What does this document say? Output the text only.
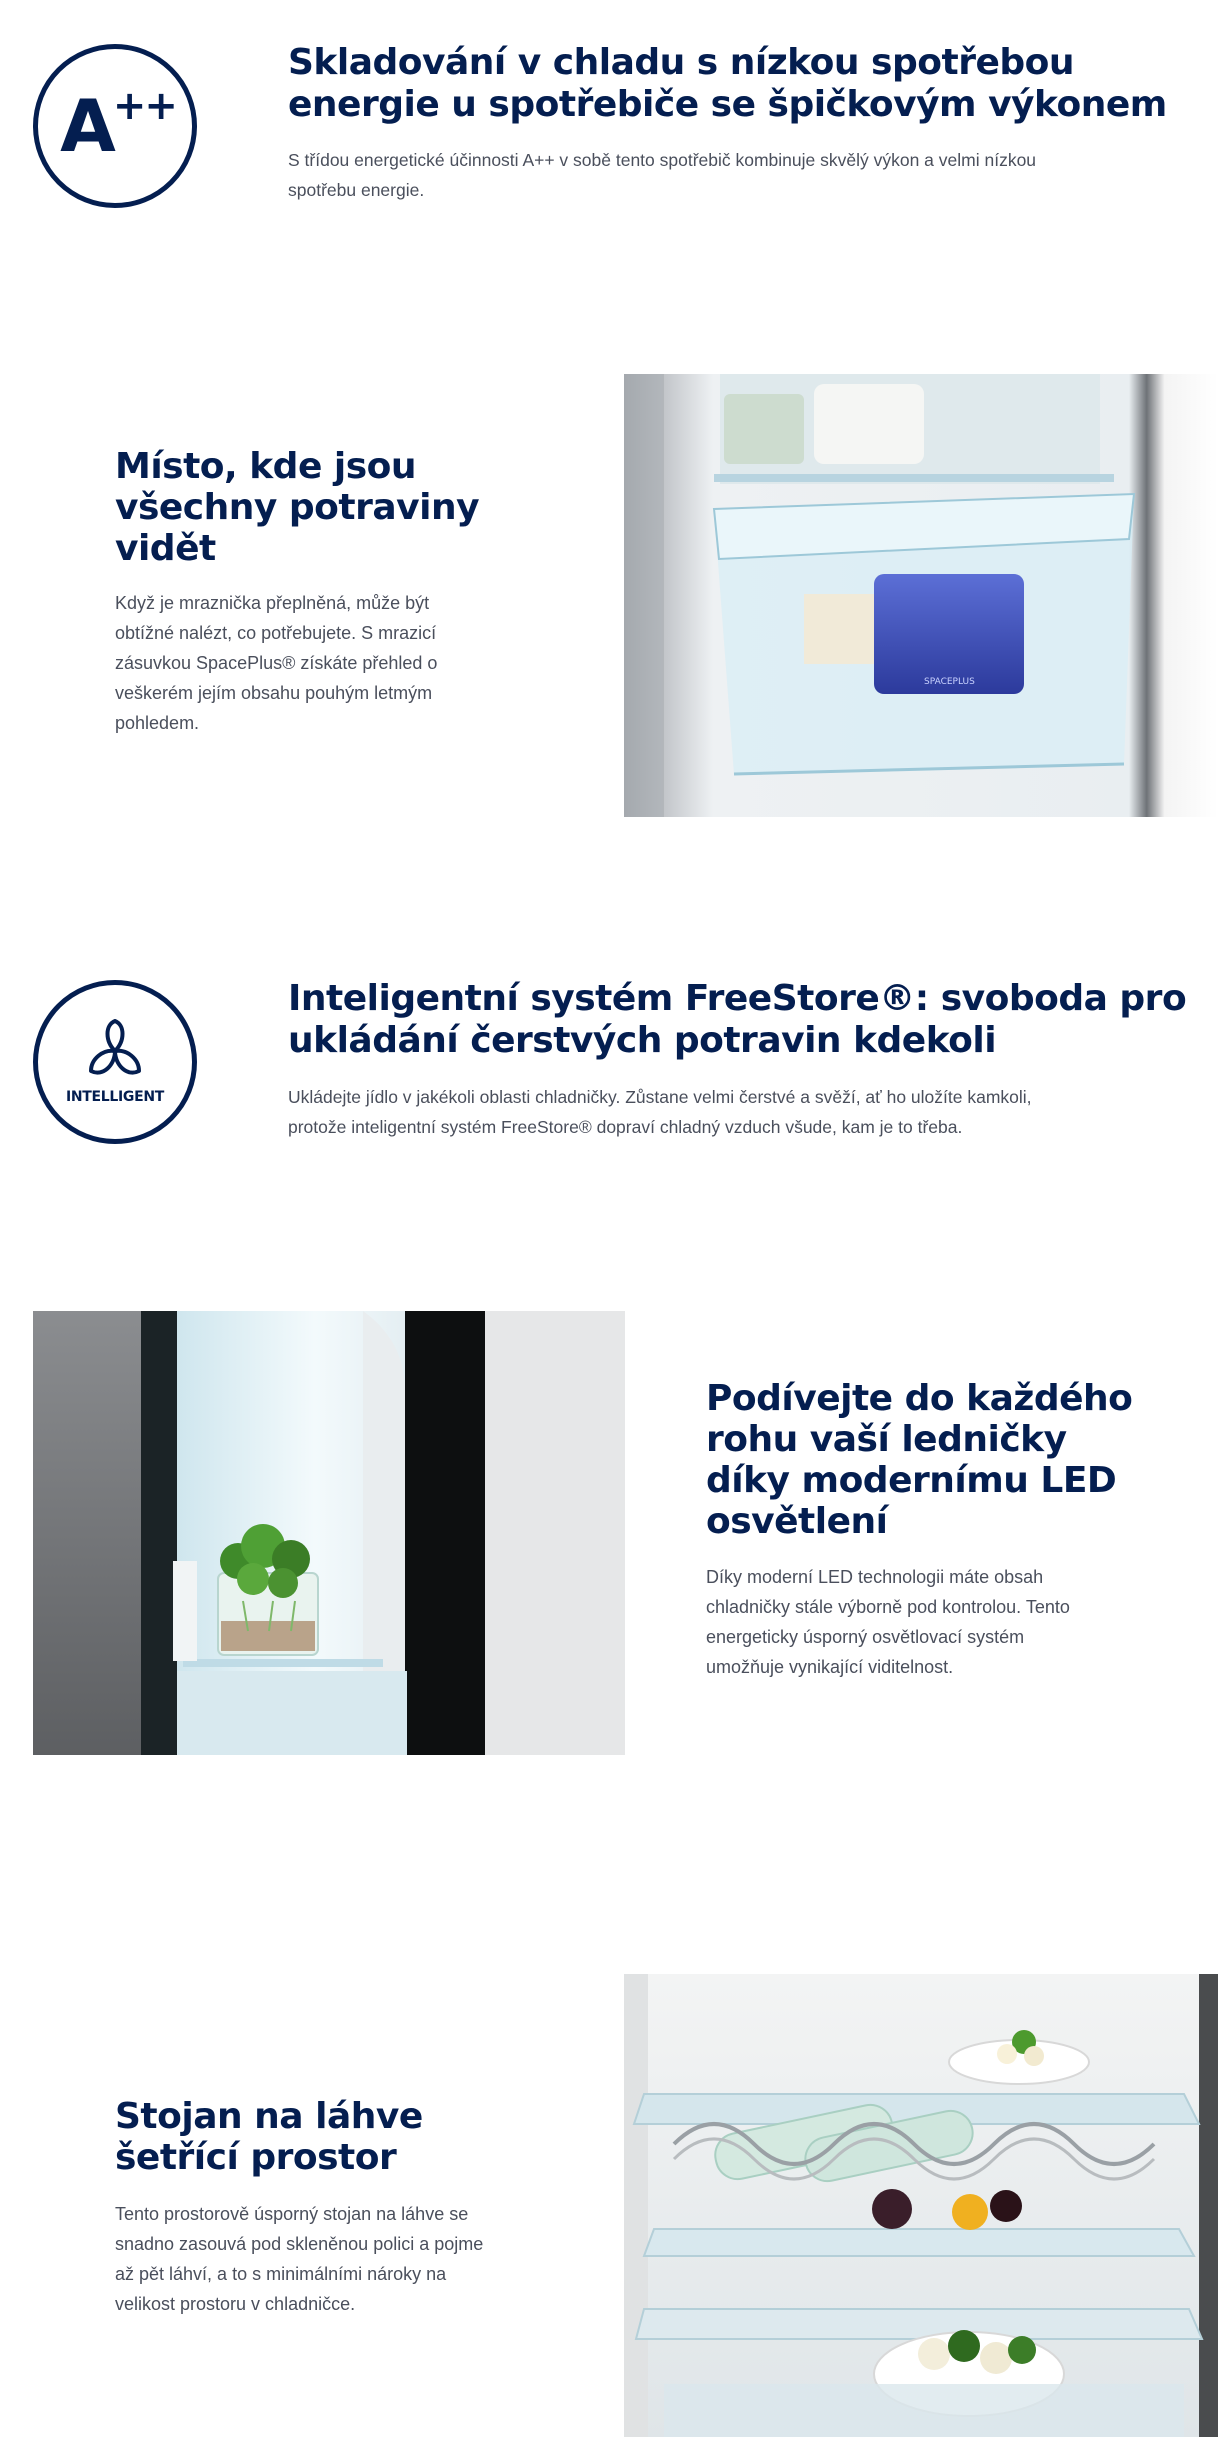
A++
Skladování v chladu s nízkou spotřebou
energie u spotřebiče se špičkovým výkonem

S třídou energetické účinnosti A++ v sobě tento spotřebič kombinuje skvělý výkon a velmi nízkou
spotřebu energie.

Místo, kde jsou
všechny potraviny
vidět

Když je mraznička přeplněná, může být
obtížné nalézt, co potřebujete. S mrazicí
zásuvkou SpacePlus® získáte přehled o
veškerém jejím obsahu pouhým letmým
pohledem.

SPACEPLUS
INTELLIGENT
Inteligentní systém FreeStore®: svoboda pro
ukládání čerstvých potravin kdekoli

Ukládejte jídlo v jakékoli oblasti chladničky. Zůstane velmi čerstvé a svěží, ať ho uložíte kamkoli,
protože inteligentní systém FreeStore® dopraví chladný vzduch všude, kam je to třeba.

Podívejte do každého
rohu vaší ledničky
díky modernímu LED
osvětlení

Díky moderní LED technologii máte obsah
chladničky stále výborně pod kontrolou. Tento
energeticky úsporný osvětlovací systém
umožňuje vynikající viditelnost.

Stojan na láhve
šetřící prostor

Tento prostorově úsporný stojan na láhve se
snadno zasouvá pod skleněnou polici a pojme
až pět láhví, a to s minimálními nároky na
velikost prostoru v chladničce.
